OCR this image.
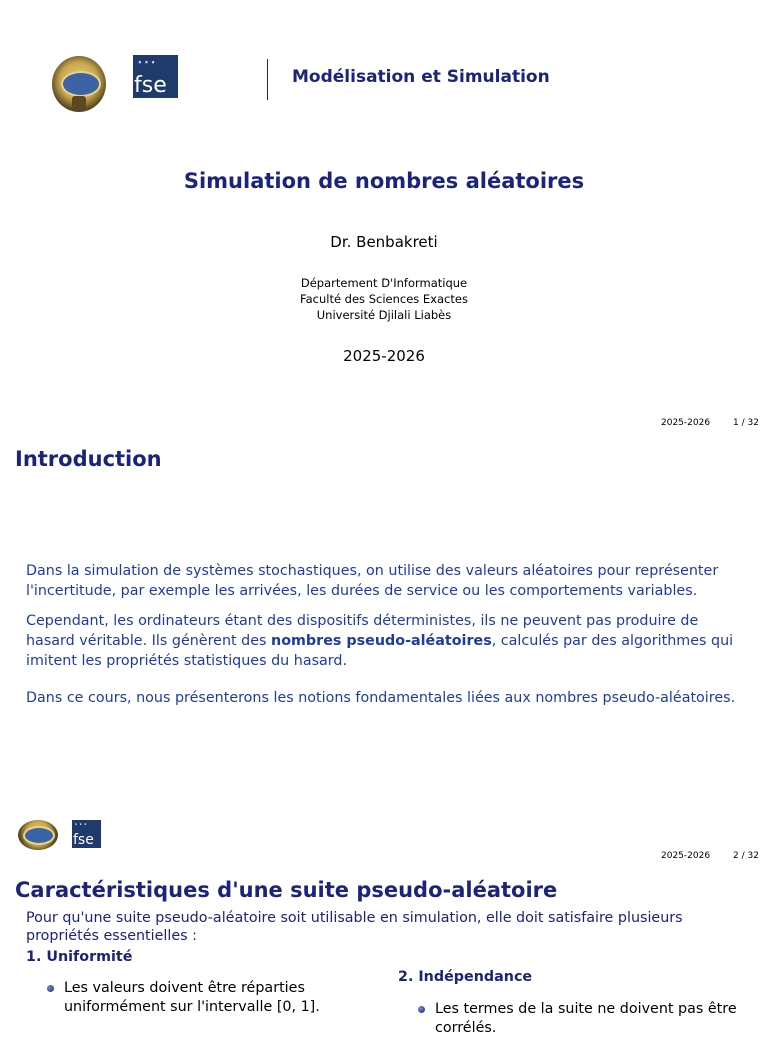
⋆⋆⋆
fse	Modélisation et Simulation
Simulation de nombres aléatoires
Dr. Benbakreti
Département D'Informatique
Faculté des Sciences Exactes
Université Djilali Liabès
2025-2026
2025-2026	1 / 32
Introduction
Dans la simulation de systèmes stochastiques, on utilise des valeurs aléatoires pour représenter l'incertitude, par exemple les arrivées, les durées de service ou les comportements variables.
Cependant, les ordinateurs étant des dispositifs déterministes, ils ne peuvent pas produire de hasard véritable. Ils génèrent des nombres pseudo-aléatoires, calculés par des algorithmes qui imitent les propriétés statistiques du hasard.
Dans ce cours, nous présenterons les notions fondamentales liées aux nombres pseudo-aléatoires.
⋆⋆⋆
fse
2025-2026	2 / 32
Caractéristiques d'une suite pseudo-aléatoire
Pour qu'une suite pseudo-aléatoire soit utilisable en simulation, elle doit satisfaire plusieurs propriétés essentielles :
1. Uniformité
Les valeurs doivent être réparties uniformément sur l'intervalle [0, 1].
2. Indépendance
Les termes de la suite ne doivent pas être corrélés.
